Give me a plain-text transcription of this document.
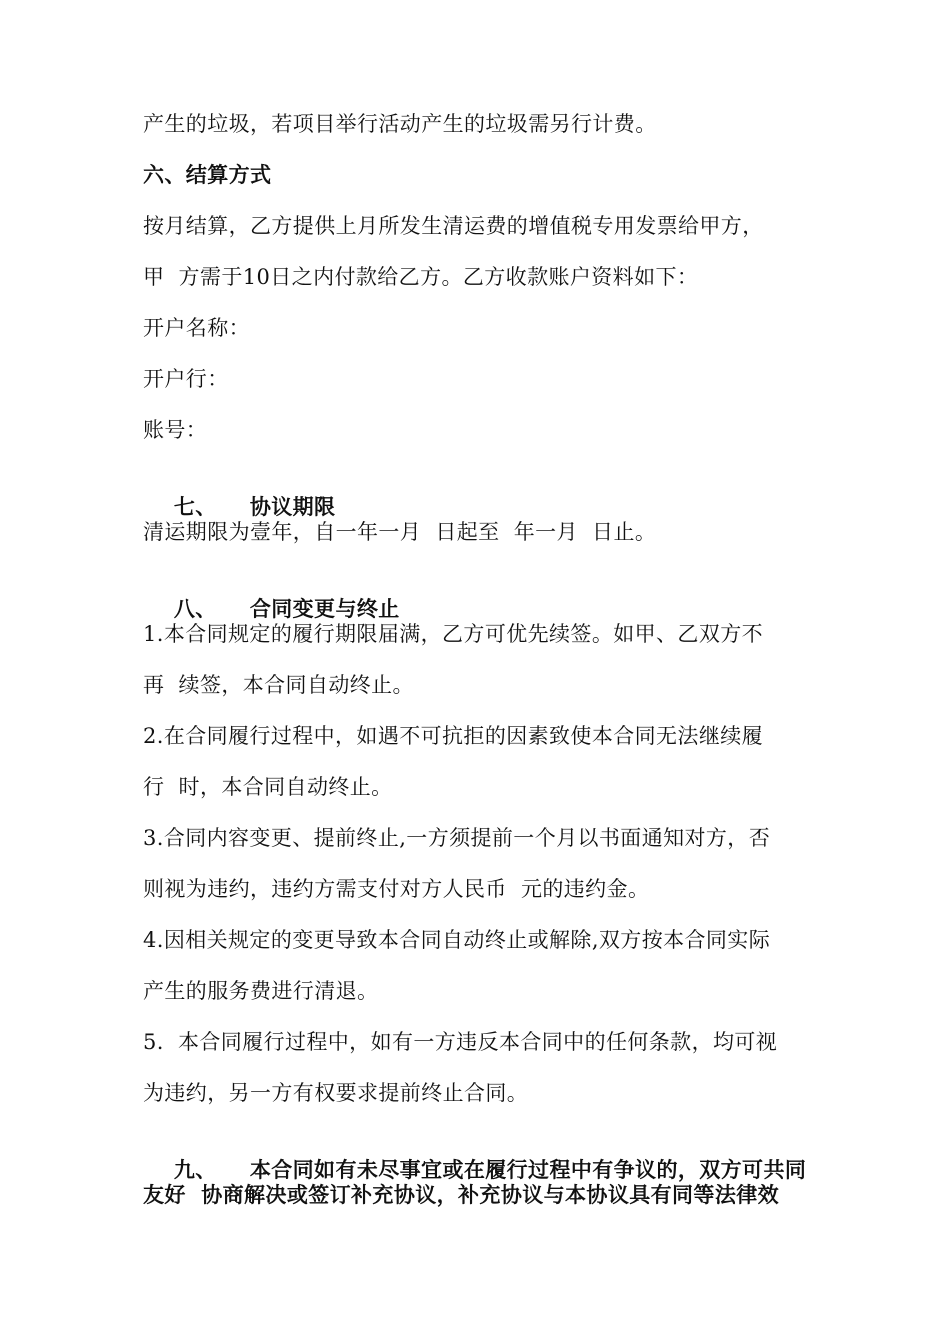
产生的垃圾，若项目举行活动产生的垃圾需另行计费。
六、结算方式
按月结算，乙方提供上月所发生清运费的增值税专用发票给甲方，
甲  方需于10日之内付款给乙方。乙方收款账户资料如下：
开户名称：
开户行：
账号：

七、 协议期限

清运期限为壹年，自一年一月  日起至  年一月  日止。

八、 合同变更与终止

1.本合同规定的履行期限届满，乙方可优先续签。如甲、乙双方不
再  续签，本合同自动终止。
2.在合同履行过程中，如遇不可抗拒的因素致使本合同无法继续履
行  时，本合同自动终止。
3.合同内容变更、提前终止,一方须提前一个月以书面通知对方，否
则视为违约，违约方需支付对方人民币  元的违约金。
4.因相关规定的变更导致本合同自动终止或解除,双方按本合同实际
产生的服务费进行清退。
5.  本合同履行过程中，如有一方违反本合同中的任何条款，均可视
为违约，另一方有权要求提前终止合同。

九、 本合同如有未尽事宜或在履行过程中有争议的，双方可共同

友好  协商解决或签订补充协议，补充协议与本协议具有同等法律效
